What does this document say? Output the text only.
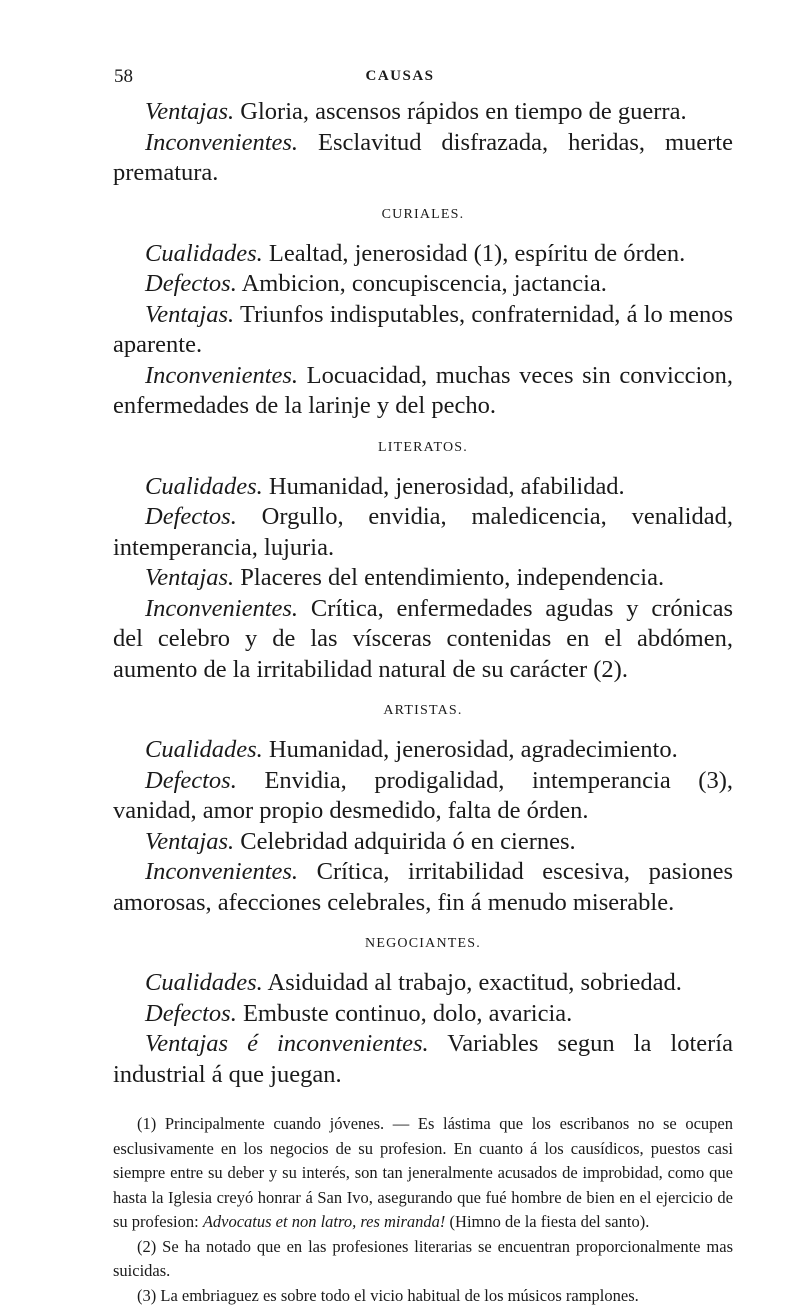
58	CAUSAS

Ventajas. Gloria, ascensos rápidos en tiempo de guerra.

Inconvenientes. Esclavitud disfrazada, heridas, muerte prematura.

CURIALES.

Cualidades. Lealtad, jenerosidad (1), espíritu de órden.

Defectos. Ambicion, concupiscencia, jactancia.

Ventajas. Triunfos indisputables, confraternidad, á lo menos aparente.

Inconvenientes. Locuacidad, muchas veces sin conviccion, enfermedades de la larinje y del pecho.

LITERATOS.

Cualidades. Humanidad, jenerosidad, afabilidad.

Defectos. Orgullo, envidia, maledicencia, venalidad, intemperancia, lujuria.

Ventajas. Placeres del entendimiento, independencia.

Inconvenientes. Crítica, enfermedades agudas y crónicas del celebro y de las vísceras contenidas en el abdómen, aumento de la irritabilidad natural de su carácter (2).

ARTISTAS.

Cualidades. Humanidad, jenerosidad, agradecimiento.

Defectos. Envidia, prodigalidad, intemperancia (3), vanidad, amor propio desmedido, falta de órden.

Ventajas. Celebridad adquirida ó en ciernes.

Inconvenientes. Crítica, irritabilidad escesiva, pasiones amorosas, afecciones celebrales, fin á menudo miserable.

NEGOCIANTES.

Cualidades. Asiduidad al trabajo, exactitud, sobriedad.

Defectos. Embuste continuo, dolo, avaricia.

Ventajas é inconvenientes. Variables segun la lotería industrial á que juegan.

(1) Principalmente cuando jóvenes. — Es lástima que los escribanos no se ocupen esclusivamente en los negocios de su profesion. En cuanto á los causídicos, puestos casi siempre entre su deber y su interés, son tan jeneralmente acusados de improbidad, como que hasta la Iglesia creyó honrar á San Ivo, asegurando que fué hombre de bien en el ejercicio de su profesion: Advocatus et non latro, res miranda! (Himno de la fiesta del santo).

(2) Se ha notado que en las profesiones literarias se encuentran proporcionalmente mas suicidas.

(3) La embriaguez es sobre todo el vicio habitual de los músicos ramplones.
